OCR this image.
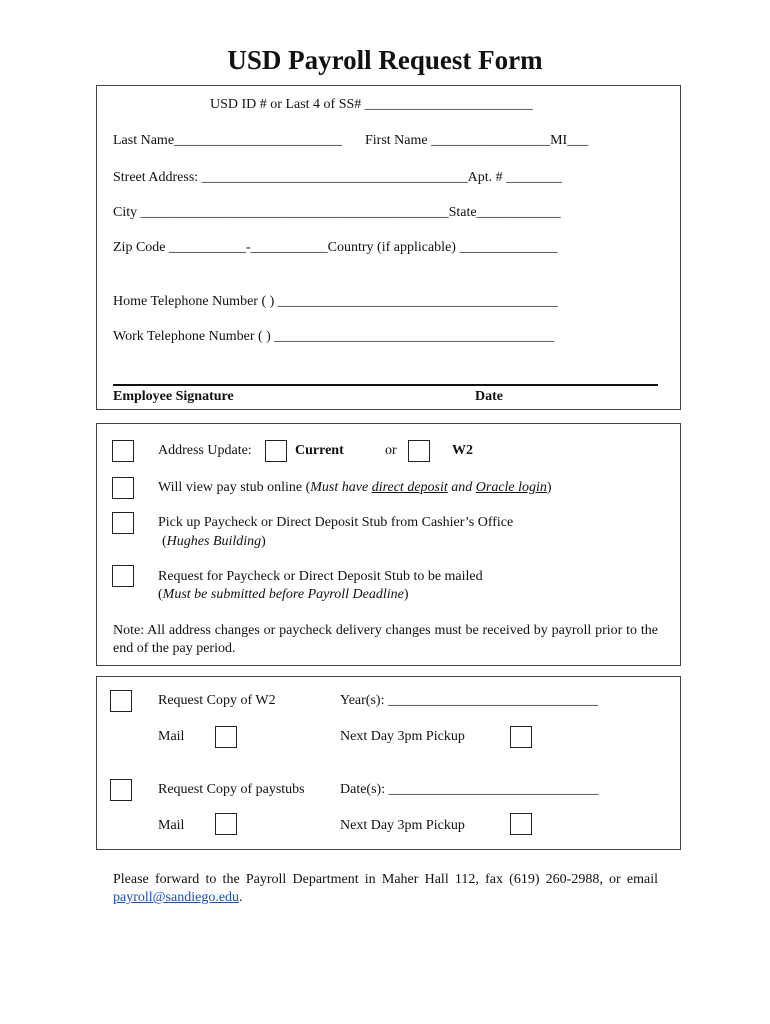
USD Payroll Request Form
USD ID # or Last 4 of SS# ________________________
Last Name________________________ First Name _________________MI___
Street Address: ______________________________________Apt. # ________
City ____________________________________________State____________
Zip Code ___________-___________Country (if applicable) ______________
Home Telephone Number ( ) ________________________________________
Work Telephone Number ( ) ________________________________________
Employee Signature	Date
Address Update:	Current	or	W2
Will view pay stub online (Must have direct deposit and Oracle login)
Pick up Paycheck or Direct Deposit Stub from Cashier’s Office
(Hughes Building)
Request for Paycheck or Direct Deposit Stub to be mailed
(Must be submitted before Payroll Deadline)
Note: All address changes or paycheck delivery changes must be received by payroll prior to the end of the pay period.
Request Copy of W2	Year(s): ______________________________
Mail	Next Day 3pm Pickup
Request Copy of paystubs	Date(s): ______________________________
Mail	Next Day 3pm Pickup
Please forward to the Payroll Department in Maher Hall 112, fax (619) 260-2988, or email payroll@sandiego.edu.
